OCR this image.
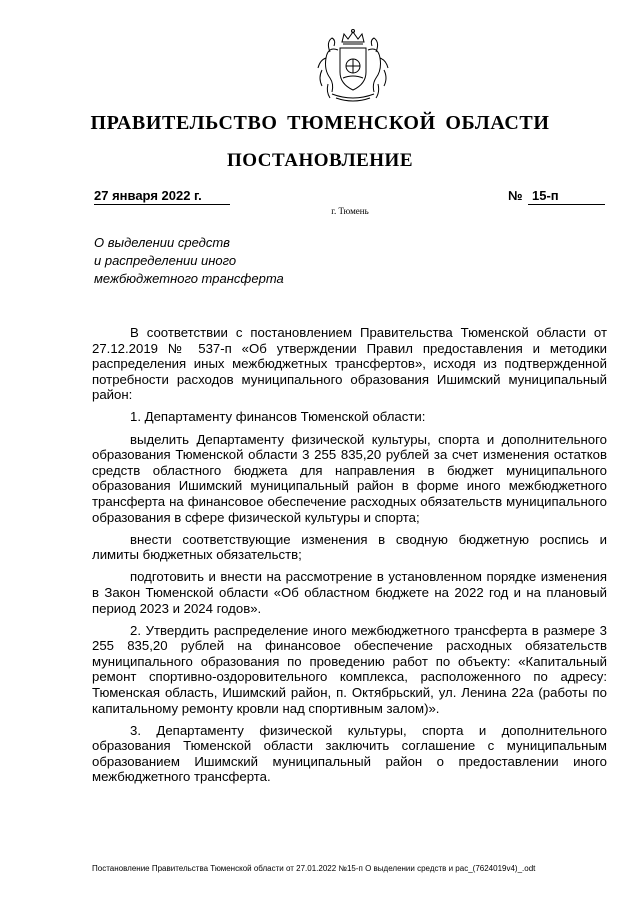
ПРАВИТЕЛЬСТВО ТЮМЕНСКОЙ ОБЛАСТИ
ПОСТАНОВЛЕНИЕ
27 января 2022 г.	№ 15-п
г. Тюмень
О выделении средств
и распределении иного
межбюджетного трансферта

В соответствии с постановлением Правительства Тюменской области от 27.12.2019 № 537-п «Об утверждении Правил предоставления и методики распределения иных межбюджетных трансфертов», исходя из подтвержденной потребности расходов муниципального образования Ишимский муниципальный район:

1. Департаменту финансов Тюменской области:

выделить Департаменту физической культуры, спорта и дополнительного образования Тюменской области 3 255 835,20 рублей за счет изменения остатков средств областного бюджета для направления в бюджет муниципального образования Ишимский муниципальный район в форме иного межбюджетного трансферта на финансовое обеспечение расходных обязательств муниципального образования в сфере физической культуры и спорта;

внести соответствующие изменения в сводную бюджетную роспись и лимиты бюджетных обязательств;

подготовить и внести на рассмотрение в установленном порядке изменения в Закон Тюменской области «Об областном бюджете на 2022 год и на плановый период 2023 и 2024 годов».

2. Утвердить распределение иного межбюджетного трансферта в размере 3 255 835,20 рублей на финансовое обеспечение расходных обязательств муниципального образования по проведению работ по объекту: «Капитальный ремонт спортивно-оздоровительного комплекса, расположенного по адресу: Тюменская область, Ишимский район, п. Октябрьский, ул. Ленина 22а (работы по капитальному ремонту кровли над спортивным залом)».

3. Департаменту физической культуры, спорта и дополнительного образования Тюменской области заключить соглашение с муниципальным образованием Ишимский муниципальный район о предоставлении иного межбюджетного трансферта.

Постановление Правительства Тюменской области от 27.01.2022 №15-п О выделении средств и рас_(7624019v4)_.odt
